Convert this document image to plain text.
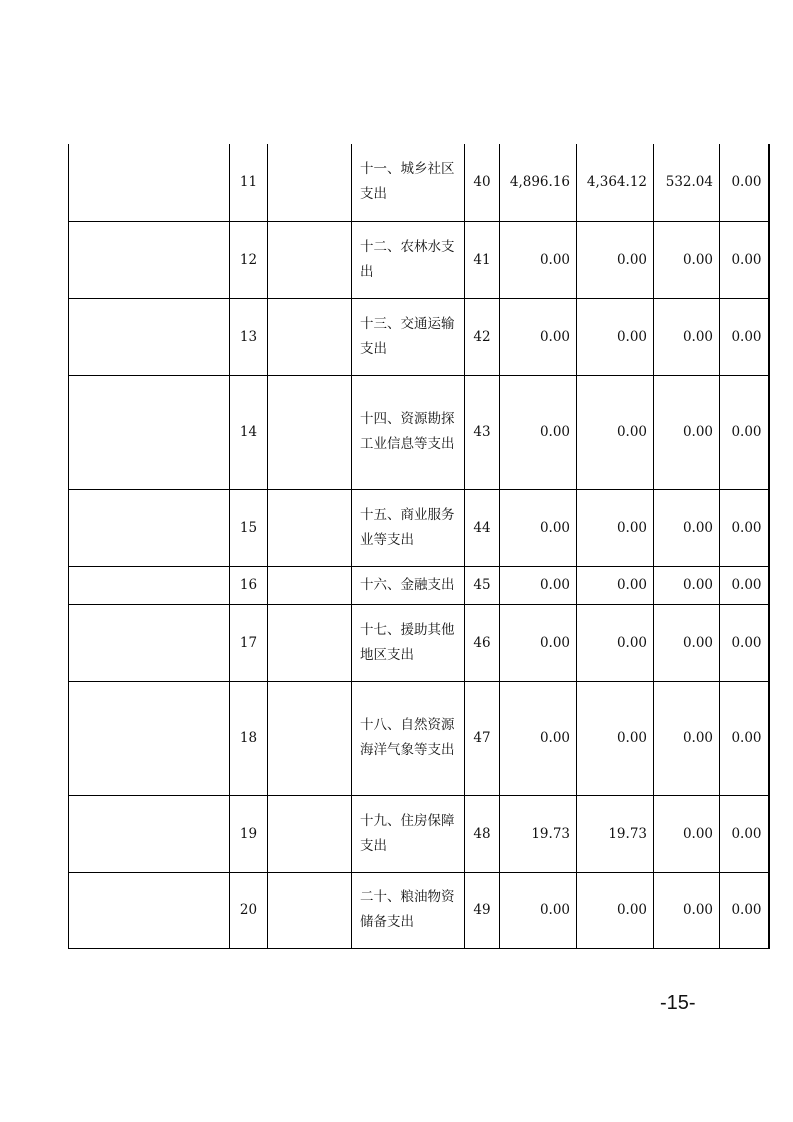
	11		十一、城乡社区支出	40	4,896.16	4,364.12	532.04	0.00
	12		十二、农林水支出	41	0.00	0.00	0.00	0.00
	13		十三、交通运输支出	42	0.00	0.00	0.00	0.00
	14		十四、资源勘探工业信息等支出	43	0.00	0.00	0.00	0.00
	15		十五、商业服务业等支出	44	0.00	0.00	0.00	0.00
	16		十六、金融支出	45	0.00	0.00	0.00	0.00
	17		十七、援助其他地区支出	46	0.00	0.00	0.00	0.00
	18		十八、自然资源海洋气象等支出	47	0.00	0.00	0.00	0.00
	19		十九、住房保障支出	48	19.73	19.73	0.00	0.00
	20		二十、粮油物资储备支出	49	0.00	0.00	0.00	0.00
-15-
